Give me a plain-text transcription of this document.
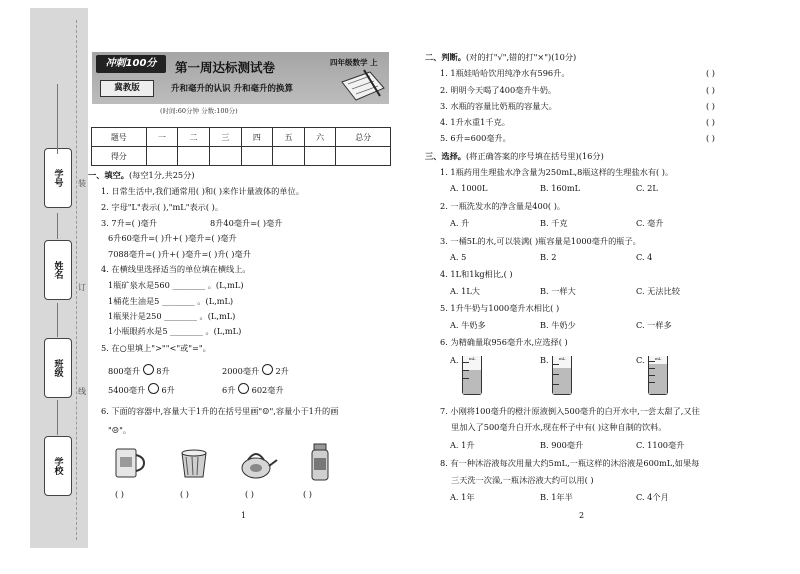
学号
姓名
班级
学校
装
订
线
冲刺100分
冀教版
第一周达标测试卷
升和毫升的认识 升和毫升的换算
四年级数学 上
(时间:60分钟 分数:100分)
题号	一	二	三	四	五	六	总分
得分							
一、填空。(每空1分,共25分)
1. 日常生活中,我们通常用( )和( )来作计量液体的单位。
2. 字母"L"表示( ),"mL"表示( )。
3. 7升=( )毫升	8升40毫升=( )毫升
6升60毫升=( )升+( )毫升=( )毫升
7088毫升=( )升+( )毫升=( )升( )毫升
4. 在横线里选择适当的单位填在横线上。
1瓶矿泉水是560 ________ 。(L,mL)
1桶花生油是5 ________ 。(L,mL)
1瓶果汁是250 ________ 。(L,mL)
1小瓶眼药水是5 ________ 。(L,mL)
5. 在○里填上">""<"或"="。
800毫升 8升	2000毫升 2升
5400毫升 6升	6升 602毫升
6. 下面的容器中,容量大于1升的在括号里画"☺",容量小于1升的画
"☹"。
( )	( )	( )	( )
1
二、判断。(对的打"√",错的打"×")(10分)
1. 1瓶娃哈哈饮用纯净水有596升。	( )
2. 明明今天喝了400毫升牛奶。	( )
3. 水瓶的容量比奶瓶的容量大。	( )
4. 1升水重1千克。	( )
5. 6升=600毫升。	( )
三、选择。(将正确答案的序号填在括号里)(16分)
1. 1瓶药用生理盐水净含量为250mL,8瓶这样的生理盐水有( )。
A. 1000L	B. 160mL	C. 2L
2. 一瓶洗发水的净含量是400( )。
A. 升	B. 千克	C. 毫升
3. 一桶5L的水,可以装满( )瓶容量是1000毫升的瓶子。
A. 5	B. 2	C. 4
4. 1L和1kg相比,( )
A. 1L大	B. 一样大	C. 无法比较
5. 1升牛奶与1000毫升水相比( )
A. 牛奶多	B. 牛奶少	C. 一样多
6. 为精确量取956毫升水,应选择( )
A.	mL	B.	mL	C.	mL
7. 小刚将100毫升的橙汁原液倒入500毫升的白开水中,一尝太甜了,又往
里加入了500毫升白开水,现在杯子中有( )这种自制的饮料。
A. 1升	B. 900毫升	C. 1100毫升
8. 有一种沐浴液每次用量大约5mL,一瓶这样的沐浴液是600mL,如果每
三天洗一次澡,一瓶沐浴液大约可以用( )
A. 1年	B. 1年半	C. 4个月
2
